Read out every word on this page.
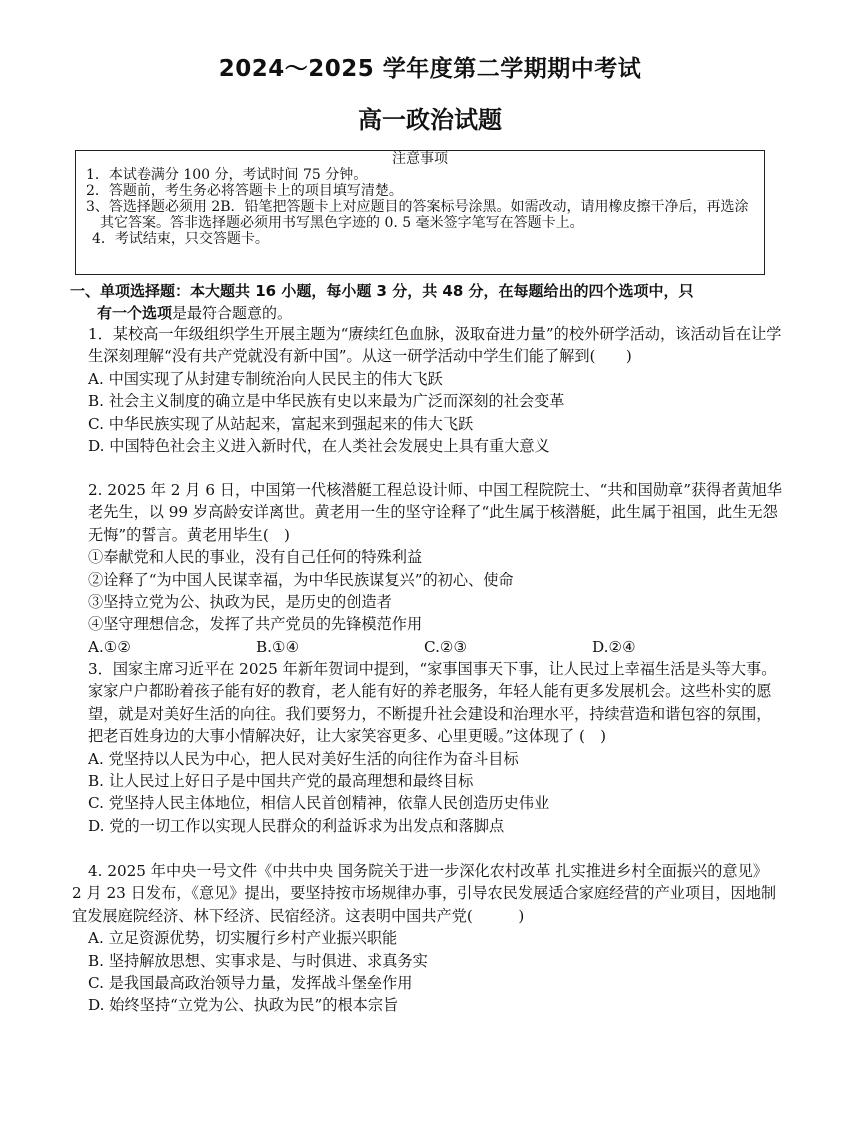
2024～2025 学年度第二学期期中考试
高一政治试题
注意事项
1．本试卷满分 100 分，考试时间 75 分钟。
2．答题前，考生务必将答题卡上的项目填写清楚。
3、答选择题必须用 2B．铅笔把答题卡上对应题目的答案标号涂黑。如需改动，请用橡皮擦干净后，再选涂其它答案。答非选择题必须用书写黑色字迹的 0. 5 毫米签字笔写在答题卡上。
4．考试结束，只交答题卡。
一、单项选择题：本大题共 16 小题，每小题 3 分，共 48 分，在每题给出的四个选项中，只
有一个选项是最符合题意的。
1．某校高一年级组织学生开展主题为“赓续红色血脉，汲取奋进力量”的校外研学活动，该活动旨在让学生深刻理解“没有共产党就没有新中国”。从这一研学活动中学生们能了解到(　　)
A. 中国实现了从封建专制统治向人民民主的伟大飞跃
B. 社会主义制度的确立是中华民族有史以来最为广泛而深刻的社会变革
C. 中华民族实现了从站起来，富起来到强起来的伟大飞跃
D. 中国特色社会主义进入新时代，在人类社会发展史上具有重大意义
2. 2025 年 2 月 6 日，中国第一代核潜艇工程总设计师、中国工程院院士、“共和国勋章”获得者黄旭华老先生，以 99 岁高龄安详离世。黄老用一生的坚守诠释了“此生属于核潜艇，此生属于祖国，此生无怨无悔”的誓言。黄老用毕生(　)
①奉献党和人民的事业，没有自己任何的特殊利益
②诠释了“为中国人民谋幸福，为中华民族谋复兴”的初心、使命
③坚持立党为公、执政为民，是历史的创造者
④坚守理想信念，发挥了共产党员的先锋模范作用
A.①②	B.①④	C.②③	D.②④
3．国家主席习近平在 2025 年新年贺词中提到，“家事国事天下事，让人民过上幸福生活是头等大事。家家户户都盼着孩子能有好的教育，老人能有好的养老服务，年轻人能有更多发展机会。这些朴实的愿望，就是对美好生活的向往。我们要努力，不断提升社会建设和治理水平，持续营造和谐包容的氛围，把老百姓身边的大事小情解决好，让大家笑容更多、心里更暖。”这体现了 (　)
A. 党坚持以人民为中心，把人民对美好生活的向往作为奋斗目标
B. 让人民过上好日子是中国共产党的最高理想和最终目标
C. 党坚持人民主体地位，相信人民首创精神，依靠人民创造历史伟业
D. 党的一切工作以实现人民群众的利益诉求为出发点和落脚点
4. 2025 年中央一号文件《中共中央 国务院关于进一步深化农村改革 扎实推进乡村全面振兴的意见》2 月 23 日发布，《意见》提出，要坚持按市场规律办事，引导农民发展适合家庭经营的产业项目，因地制宜发展庭院经济、林下经济、民宿经济。这表明中国共产党(　　　)
A. 立足资源优势，切实履行乡村产业振兴职能
B. 坚持解放思想、实事求是、与时俱进、求真务实
C. 是我国最高政治领导力量，发挥战斗堡垒作用
D. 始终坚持“立党为公、执政为民”的根本宗旨
